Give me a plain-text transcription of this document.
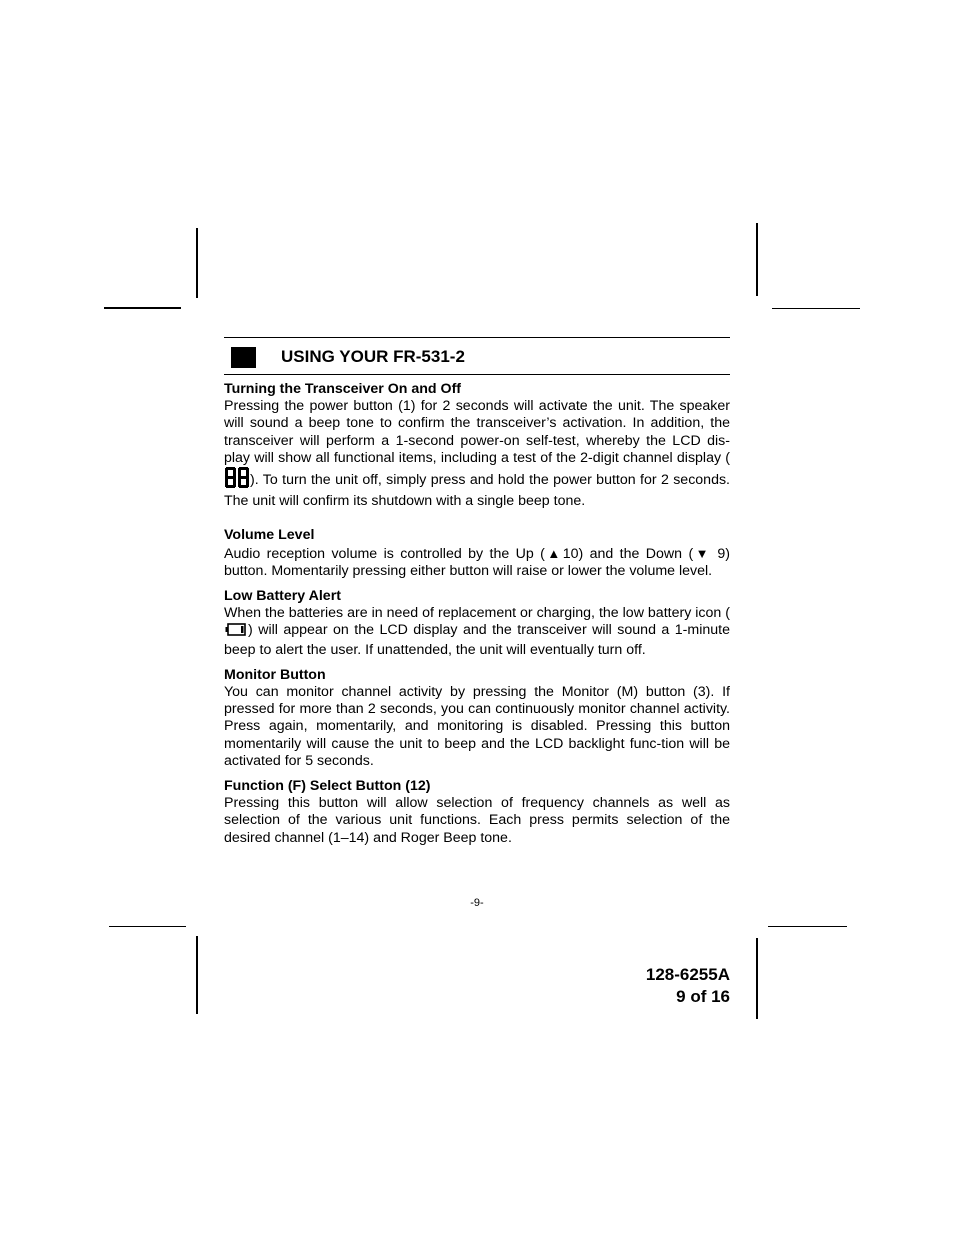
USING YOUR FR-531-2

Turning the Transceiver On and Off

Pressing the power button (1) for 2 seconds will activate the unit. The speaker will sound a beep tone to confirm the transceiver’s activation. In addition, the transceiver will perform a 1-second power-on self-test, whereby the LCD dis-play will show all functional items, including a test of the 2-digit channel display (). To turn the unit off, simply press and hold the power button for 2 seconds. The unit will confirm its shutdown with a single beep tone.

Volume Level

Audio reception volume is controlled by the Up (▲10) and the Down (▼ 9) button. Momentarily pressing either button will raise or lower the volume level.

Low Battery Alert

When the batteries are in need of replacement or charging, the low battery icon () will appear on the LCD display and the transceiver will sound a 1-minute beep to alert the user. If unattended, the unit will eventually turn off.

Monitor Button

You can monitor channel activity by pressing the Monitor (M) button (3). If pressed for more than 2 seconds, you can continuously monitor channel activity. Press again, momentarily, and monitoring is disabled. Pressing this button momentarily will cause the unit to beep and the LCD backlight func-tion will be activated for 5 seconds.

Function (F) Select Button (12)

Pressing this button will allow selection of frequency channels as well as selection of the various unit functions. Each press permits selection of the desired channel (1–14) and Roger Beep tone.

-9-
128-6255A
9 of 16
